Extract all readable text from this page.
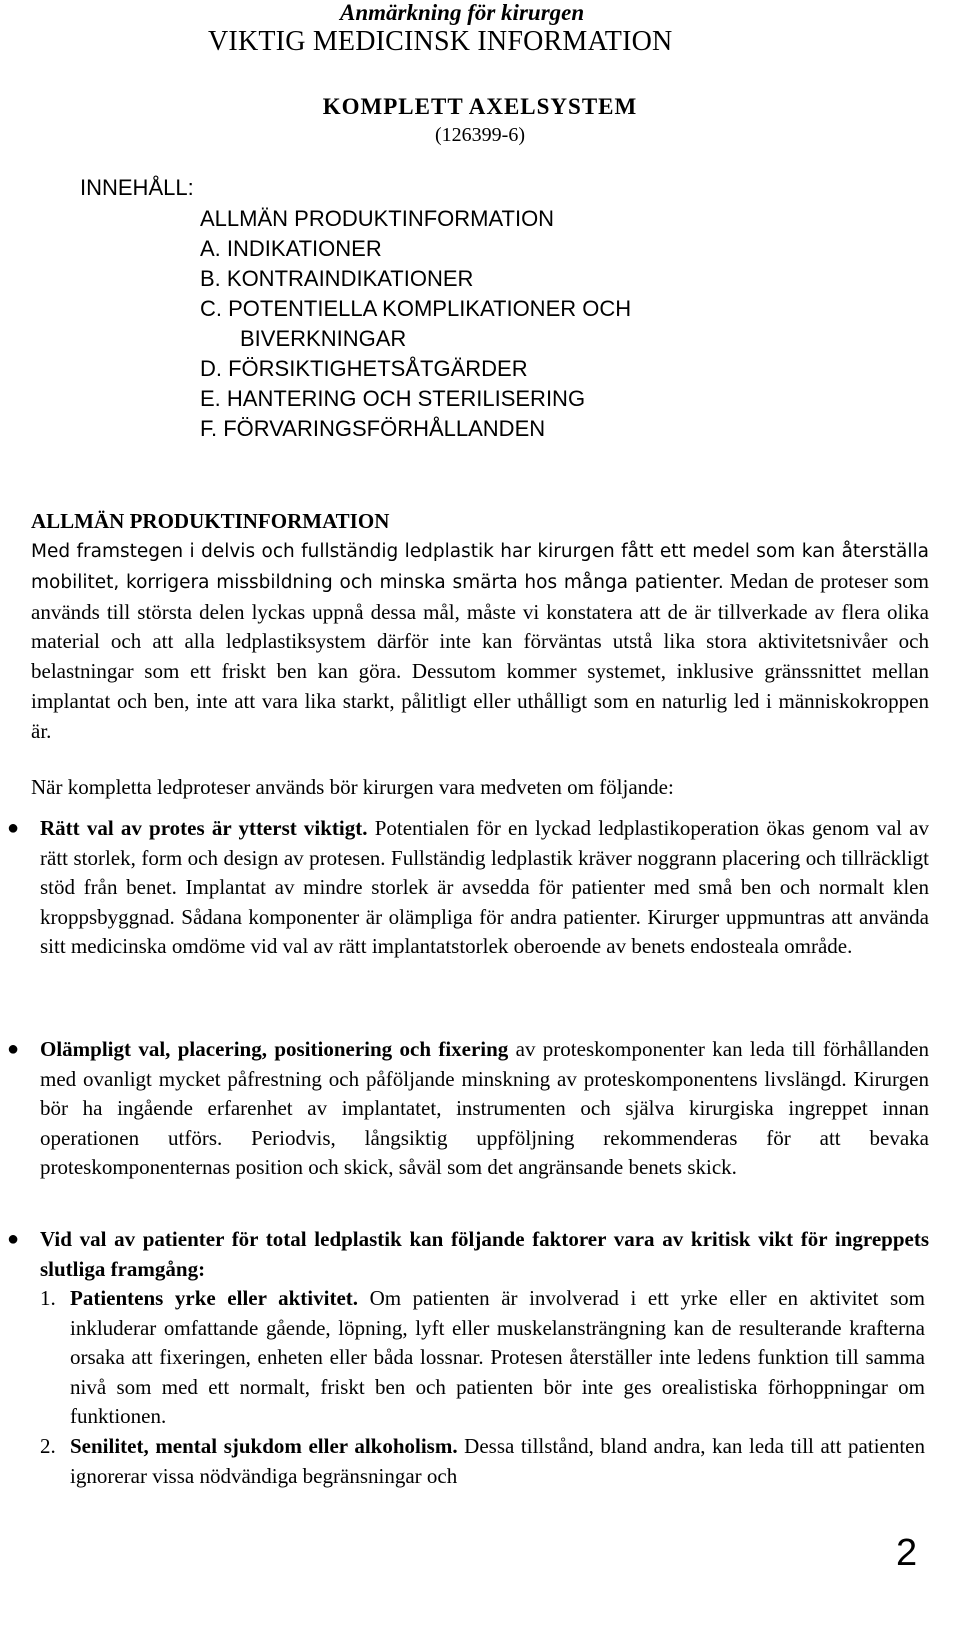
Anmärkning för kirurgen
VIKTIG MEDICINSK INFORMATION
KOMPLETT AXELSYSTEM
(126399-6)
INNEHÅLL:
ALLMÄN PRODUKTINFORMATION
A. INDIKATIONER
B. KONTRAINDIKATIONER
C. POTENTIELLA KOMPLIKATIONER OCH
BIVERKNINGAR
D. FÖRSIKTIGHETSÅTGÄRDER
E. HANTERING OCH STERILISERING
F. FÖRVARINGSFÖRHÅLLANDEN
ALLMÄN PRODUKTINFORMATION

Med framstegen i delvis och fullständig ledplastik har kirurgen fått ett medel som kan återställa mobilitet, korrigera missbildning och minska smärta hos många patienter. Medan de proteser som används till största delen lyckas uppnå dessa mål, måste vi konstatera att de är tillverkade av flera olika material och att alla ledplastiksystem därför inte kan förväntas utstå lika stora aktivitetsnivåer och belastningar som ett friskt ben kan göra. Dessutom kommer systemet, inklusive gränssnittet mellan implantat och ben, inte att vara lika starkt, pålitligt eller uthålligt som en naturlig led i människokroppen är.

När kompletta ledproteser används bör kirurgen vara medveten om följande:

● Rätt val av protes är ytterst viktigt. Potentialen för en lyckad ledplastikoperation ökas genom val av rätt storlek, form och design av protesen. Fullständig ledplastik kräver noggrann placering och tillräckligt stöd från benet. Implantat av mindre storlek är avsedda för patienter med små ben och normalt klen kroppsbyggnad. Sådana komponenter är olämpliga för andra patienter. Kirurger uppmuntras att använda sitt medicinska omdöme vid val av rätt implantatstorlek oberoende av benets endosteala område.

● Olämpligt val, placering, positionering och fixering av proteskomponenter kan leda till förhållanden med ovanligt mycket påfrestning och påföljande minskning av proteskomponentens livslängd. Kirurgen bör ha ingående erfarenhet av implantatet, instrumenten och själva kirurgiska ingreppet innan operationen utförs. Periodvis, långsiktig uppföljning rekommenderas för att bevaka proteskomponenternas position och skick, såväl som det angränsande benets skick.

● Vid val av patienter för total ledplastik kan följande faktorer vara av kritisk vikt för ingreppets slutliga framgång:

1. Patientens yrke eller aktivitet. Om patienten är involverad i ett yrke eller en aktivitet som inkluderar omfattande gående, löpning, lyft eller muskelansträngning kan de resulterande krafterna orsaka att fixeringen, enheten eller båda lossnar. Protesen återställer inte ledens funktion till samma nivå som med ett normalt, friskt ben och patienten bör inte ges orealistiska förhoppningar om funktionen.

2. Senilitet, mental sjukdom eller alkoholism. Dessa tillstånd, bland andra, kan leda till att patienten ignorerar vissa nödvändiga begränsningar och

2
